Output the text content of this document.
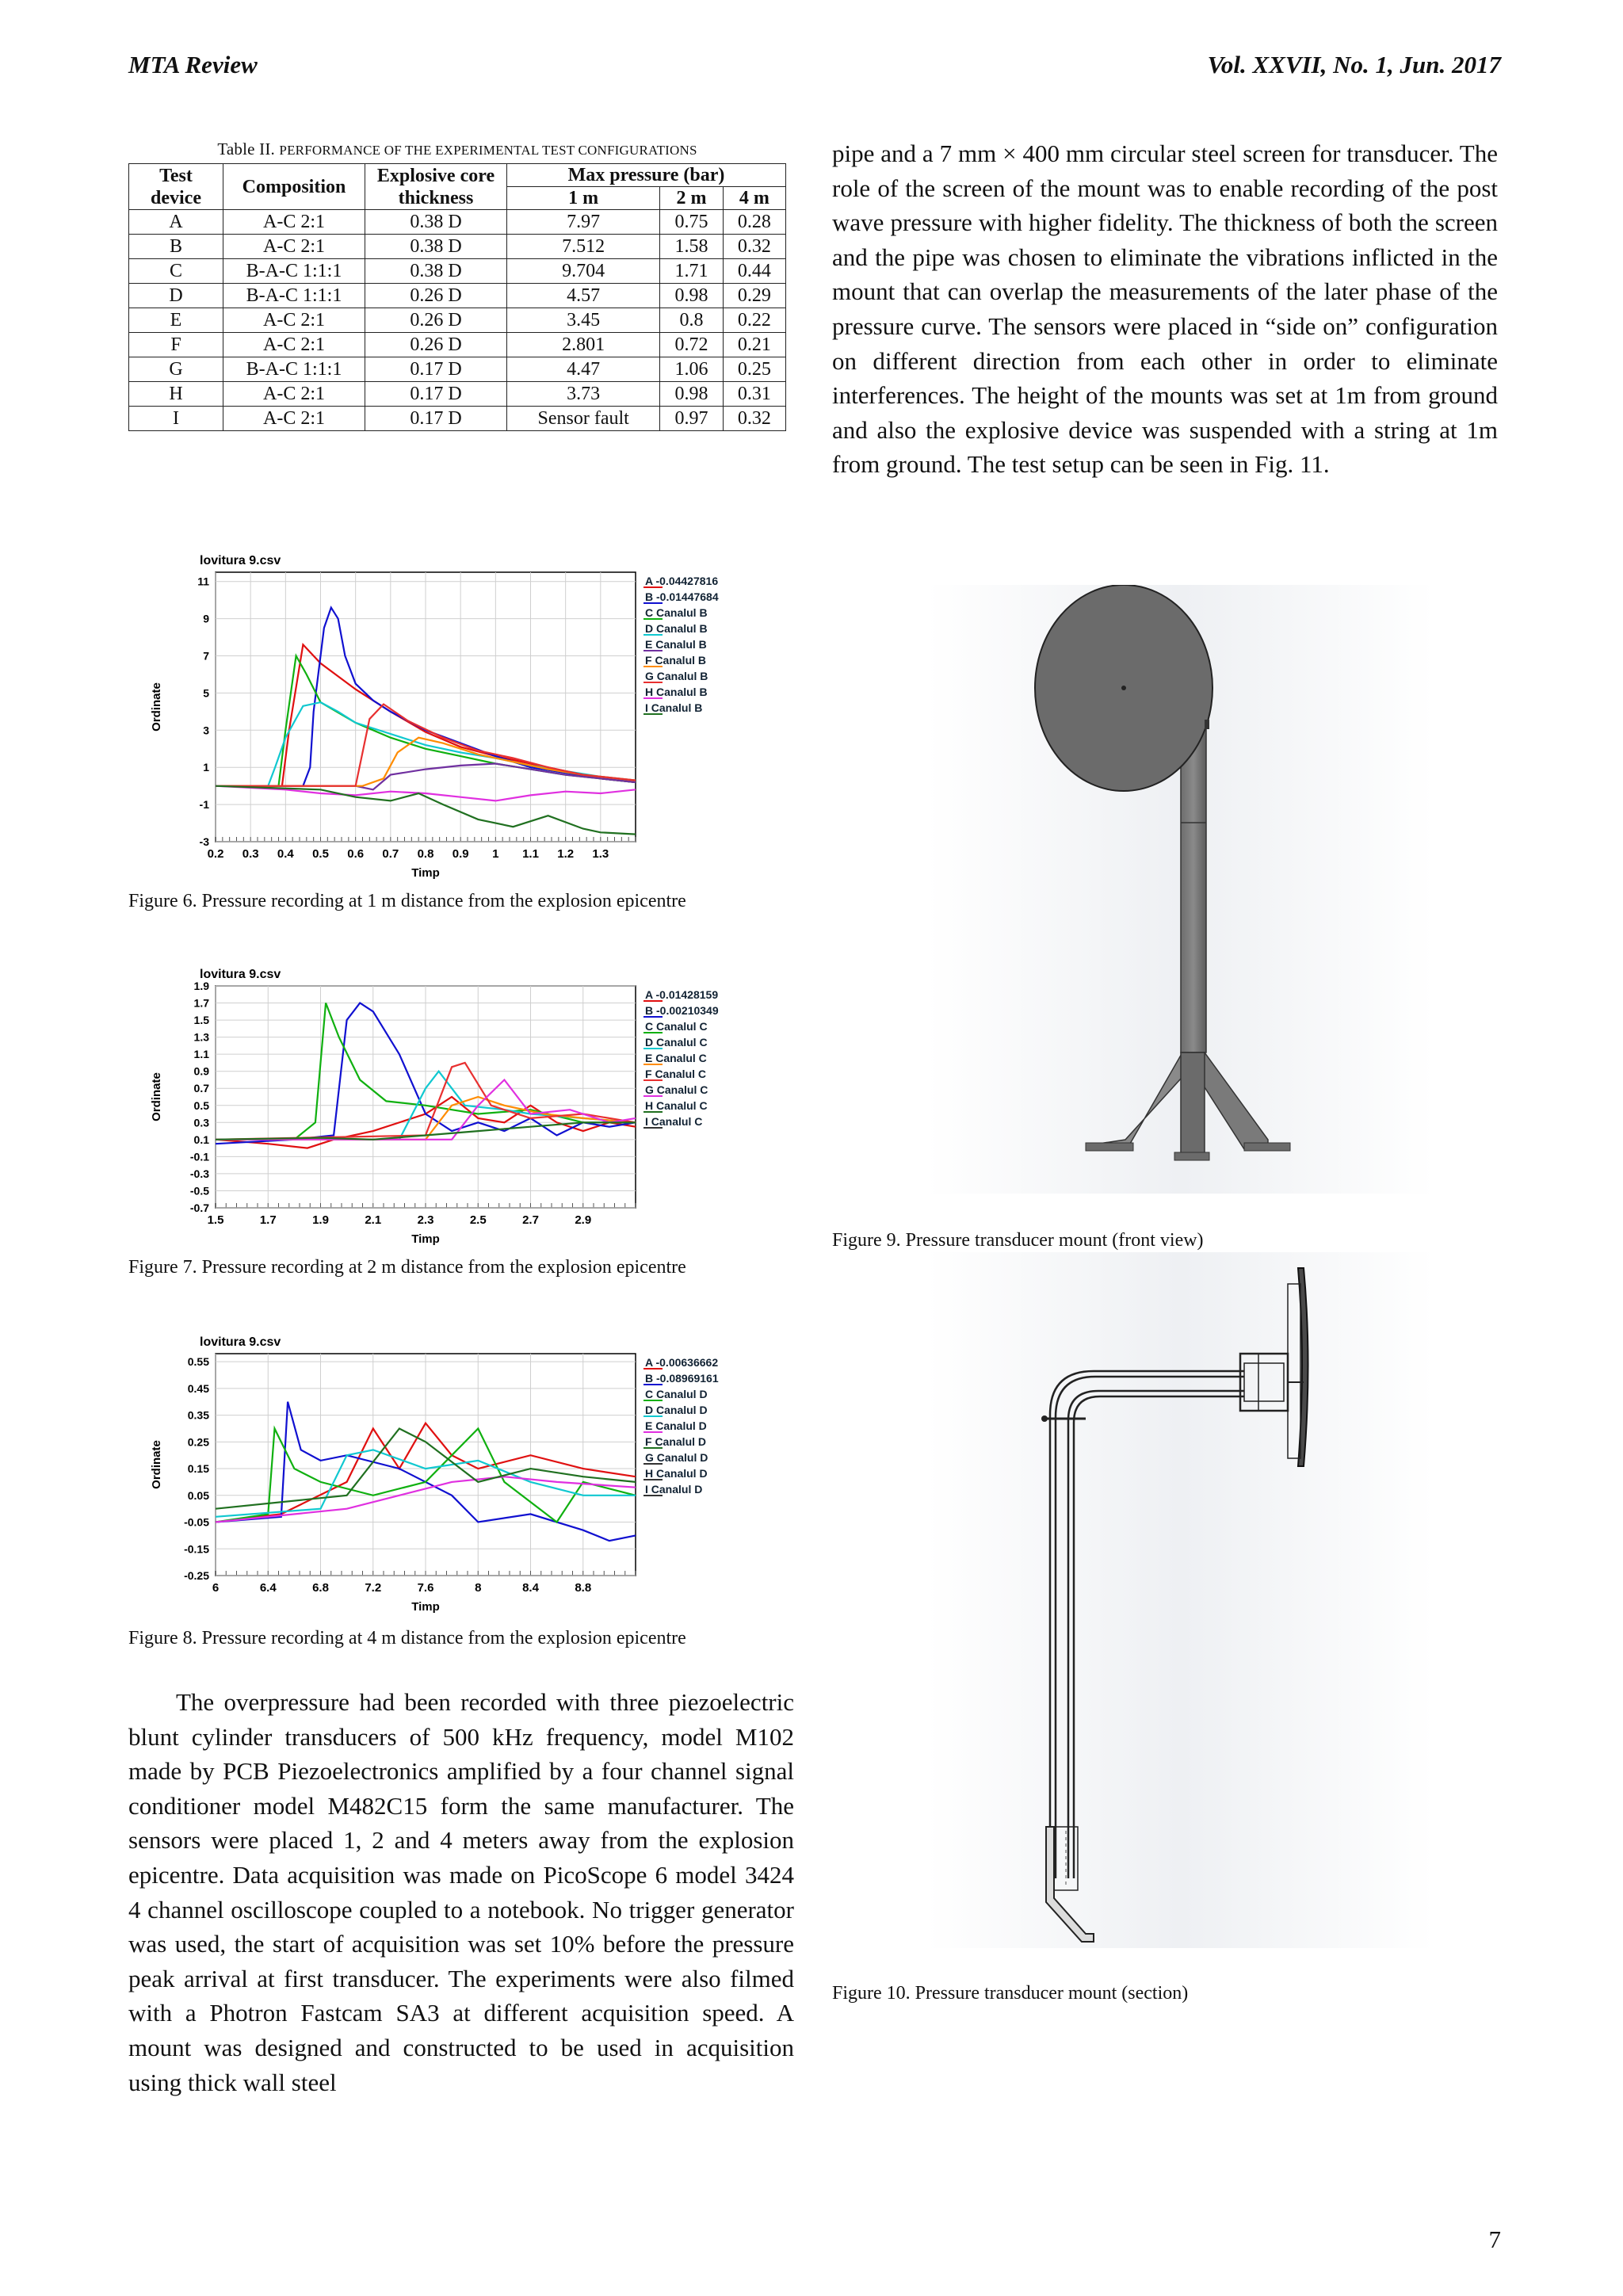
MTA Review	Vol. XXVII, No. 1, Jun. 2017
Table II. PERFORMANCE OF THE EXPERIMENTAL TEST CONFIGURATIONS
Test device	Composition	Explosive core thickness	Max pressure (bar)		
			1 m	2 m	4 m
A	A-C 2:1	0.38 D	7.97	0.75	0.28
B	A-C 2:1	0.38 D	7.512	1.58	0.32
C	B-A-C 1:1:1	0.38 D	9.704	1.71	0.44
D	B-A-C 1:1:1	0.26 D	4.57	0.98	0.29
E	A-C 2:1	0.26 D	3.45	0.8	0.22
F	A-C 2:1	0.26 D	2.801	0.72	0.21
G	B-A-C 1:1:1	0.17 D	4.47	1.06	0.25
H	A-C 2:1	0.17 D	3.73	0.98	0.31
I	A-C 2:1	0.17 D	Sensor fault	0.97	0.32
lovitura 9.csv
0.2 0.3 0.4 0.5 0.6 0.7 0.8 0.9 1 1.1 1.2 1.3
11
9
7
5
3
1
-1
-3
Timp
Ordinate
A -0.04427816
B -0.01447684
C Canalul B
D Canalul B
E Canalul B
F Canalul B
G Canalul B
H Canalul B
I Canalul B
Figure 6. Pressure recording at 1 m distance from the explosion epicentre
lovitura 9.csv
1.5	1.7	1.9	2.1	2.3	2.5	2.7	2.9
1.9
1.7
1.5
1.3
1.1
0.9
0.7
0.5
0.3
0.1
-0.1
-0.3
-0.5
-0.7
Timp
Ordinate
A -0.01428159
B -0.00210349
C Canalul C
D Canalul C
E Canalul C
F Canalul C
G Canalul C
H Canalul C
I Canalul C
Figure 7. Pressure recording at 2 m distance from the explosion epicentre
lovitura 9.csv
6	6.4	6.8	7.2	7.6	8	8.4	8.8
0.55
0.45
0.35
0.25
0.15
0.05
-0.05
-0.15
-0.25
Timp
Ordinate
A -0.00636662
B -0.08969161
C Canalul D
D Canalul D
E Canalul D
F Canalul D
G Canalul D
H Canalul D
I Canalul D
Figure 8. Pressure recording at 4 m distance from the explosion epicentre
The overpressure had been recorded with three piezoelectric blunt cylinder transducers of 500 kHz frequency, model M102 made by PCB Piezoelectronics amplified by a four channel signal conditioner model M482C15 form the same manufacturer. The sensors were placed 1, 2 and 4 meters away from the explosion epicentre. Data acquisition was made on PicoScope 6 model 3424 4 channel oscilloscope coupled to a notebook. No trigger generator was used, the start of acquisition was set 10% before the pressure peak arrival at first transducer. The experiments were also filmed with a Photron Fastcam SA3 at different acquisition speed. A mount was designed and constructed to be used in acquisition using thick wall steel
pipe and a 7 mm × 400 mm circular steel screen for transducer. The role of the screen of the mount was to enable recording of the post wave pressure with higher fidelity. The thickness of both the screen and the pipe was chosen to eliminate the vibrations inflicted in the mount that can overlap the measurements of the later phase of the pressure curve. The sensors were placed in “side on” configuration on different direction from each other in order to eliminate interferences. The height of the mounts was set at 1m from ground and also the explosive device was suspended with a string at 1m from ground. The test setup can be seen in Fig. 11.
Figure 9. Pressure transducer mount (front view)
Figure 10. Pressure transducer mount (section)
7
